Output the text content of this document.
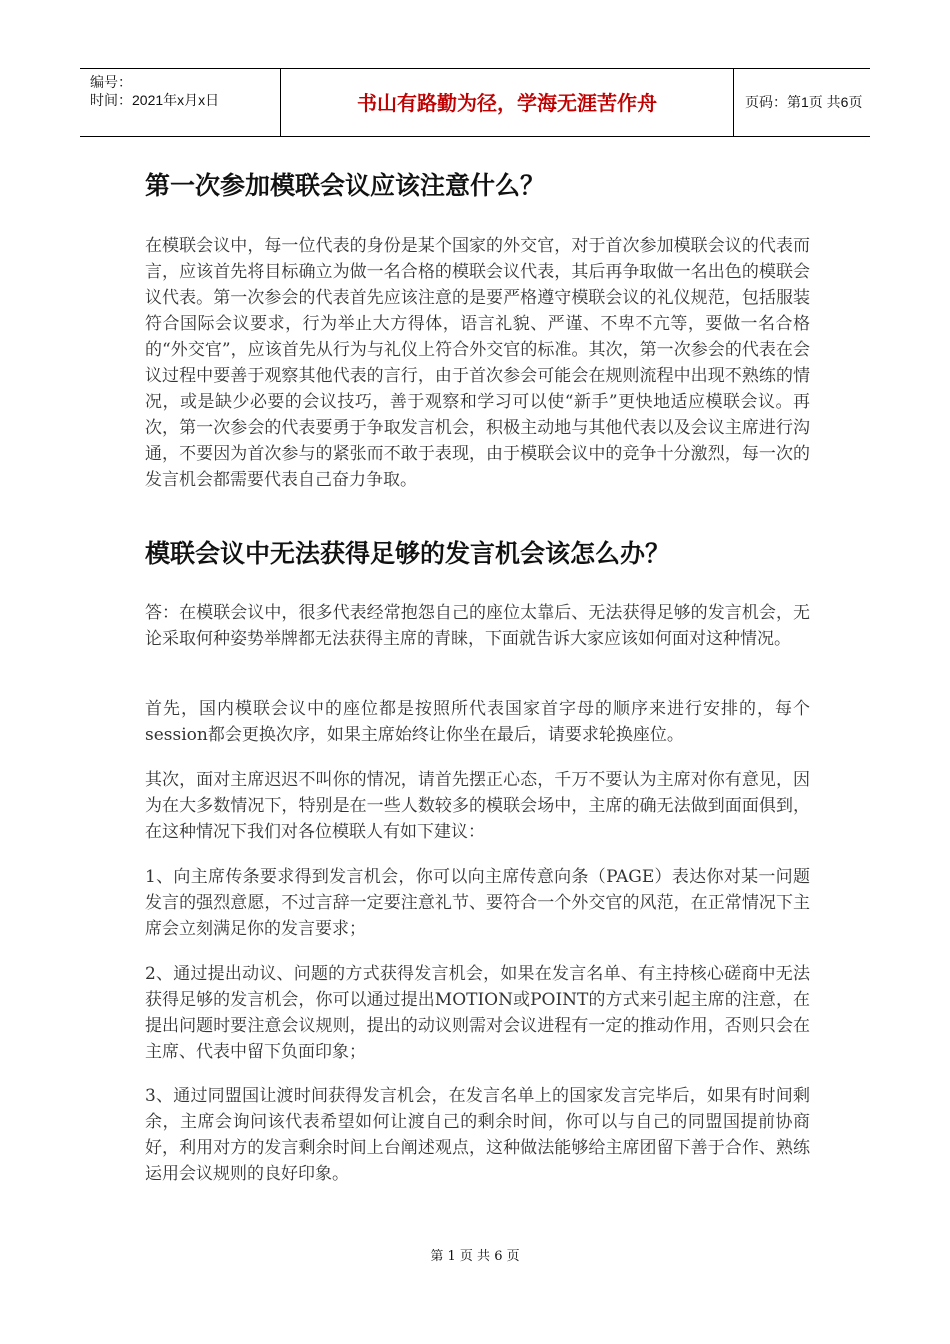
编号：
时间：2021年x月x日	书山有路勤为径，学海无涯苦作舟	页码：第1页 共6页
第一次参加模联会议应该注意什么？

在模联会议中，每一位代表的身份是某个国家的外交官，对于首次参加模联会议的代表而言，应该首先将目标确立为做一名合格的模联会议代表，其后再争取做一名出色的模联会议代表。第一次参会的代表首先应该注意的是要严格遵守模联会议的礼仪规范，包括服装符合国际会议要求，行为举止大方得体，语言礼貌、严谨、不卑不亢等，要做一名合格的“外交官”，应该首先从行为与礼仪上符合外交官的标准。其次，第一次参会的代表在会议过程中要善于观察其他代表的言行，由于首次参会可能会在规则流程中出现不熟练的情况，或是缺少必要的会议技巧，善于观察和学习可以使“新手”更快地适应模联会议。再次，第一次参会的代表要勇于争取发言机会，积极主动地与其他代表以及会议主席进行沟通，不要因为首次参与的紧张而不敢于表现，由于模联会议中的竞争十分激烈，每一次的发言机会都需要代表自己奋力争取。

模联会议中无法获得足够的发言机会该怎么办？

答：在模联会议中，很多代表经常抱怨自己的座位太靠后、无法获得足够的发言机会，无论采取何种姿势举牌都无法获得主席的青睐，下面就告诉大家应该如何面对这种情况。

首先，国内模联会议中的座位都是按照所代表国家首字母的顺序来进行安排的，每个session都会更换次序，如果主席始终让你坐在最后，请要求轮换座位。

其次，面对主席迟迟不叫你的情况，请首先摆正心态，千万不要认为主席对你有意见，因为在大多数情况下，特别是在一些人数较多的模联会场中，主席的确无法做到面面俱到，在这种情况下我们对各位模联人有如下建议：

1、向主席传条要求得到发言机会，你可以向主席传意向条（PAGE）表达你对某一问题发言的强烈意愿，不过言辞一定要注意礼节、要符合一个外交官的风范，在正常情况下主席会立刻满足你的发言要求；

2、通过提出动议、问题的方式获得发言机会，如果在发言名单、有主持核心磋商中无法获得足够的发言机会，你可以通过提出MOTION或POINT的方式来引起主席的注意，在提出问题时要注意会议规则，提出的动议则需对会议进程有一定的推动作用，否则只会在主席、代表中留下负面印象；

3、通过同盟国让渡时间获得发言机会，在发言名单上的国家发言完毕后，如果有时间剩余，主席会询问该代表希望如何让渡自己的剩余时间，你可以与自己的同盟国提前协商好，利用对方的发言剩余时间上台阐述观点，这种做法能够给主席团留下善于合作、熟练运用会议规则的良好印象。

第 1 页 共 6 页
